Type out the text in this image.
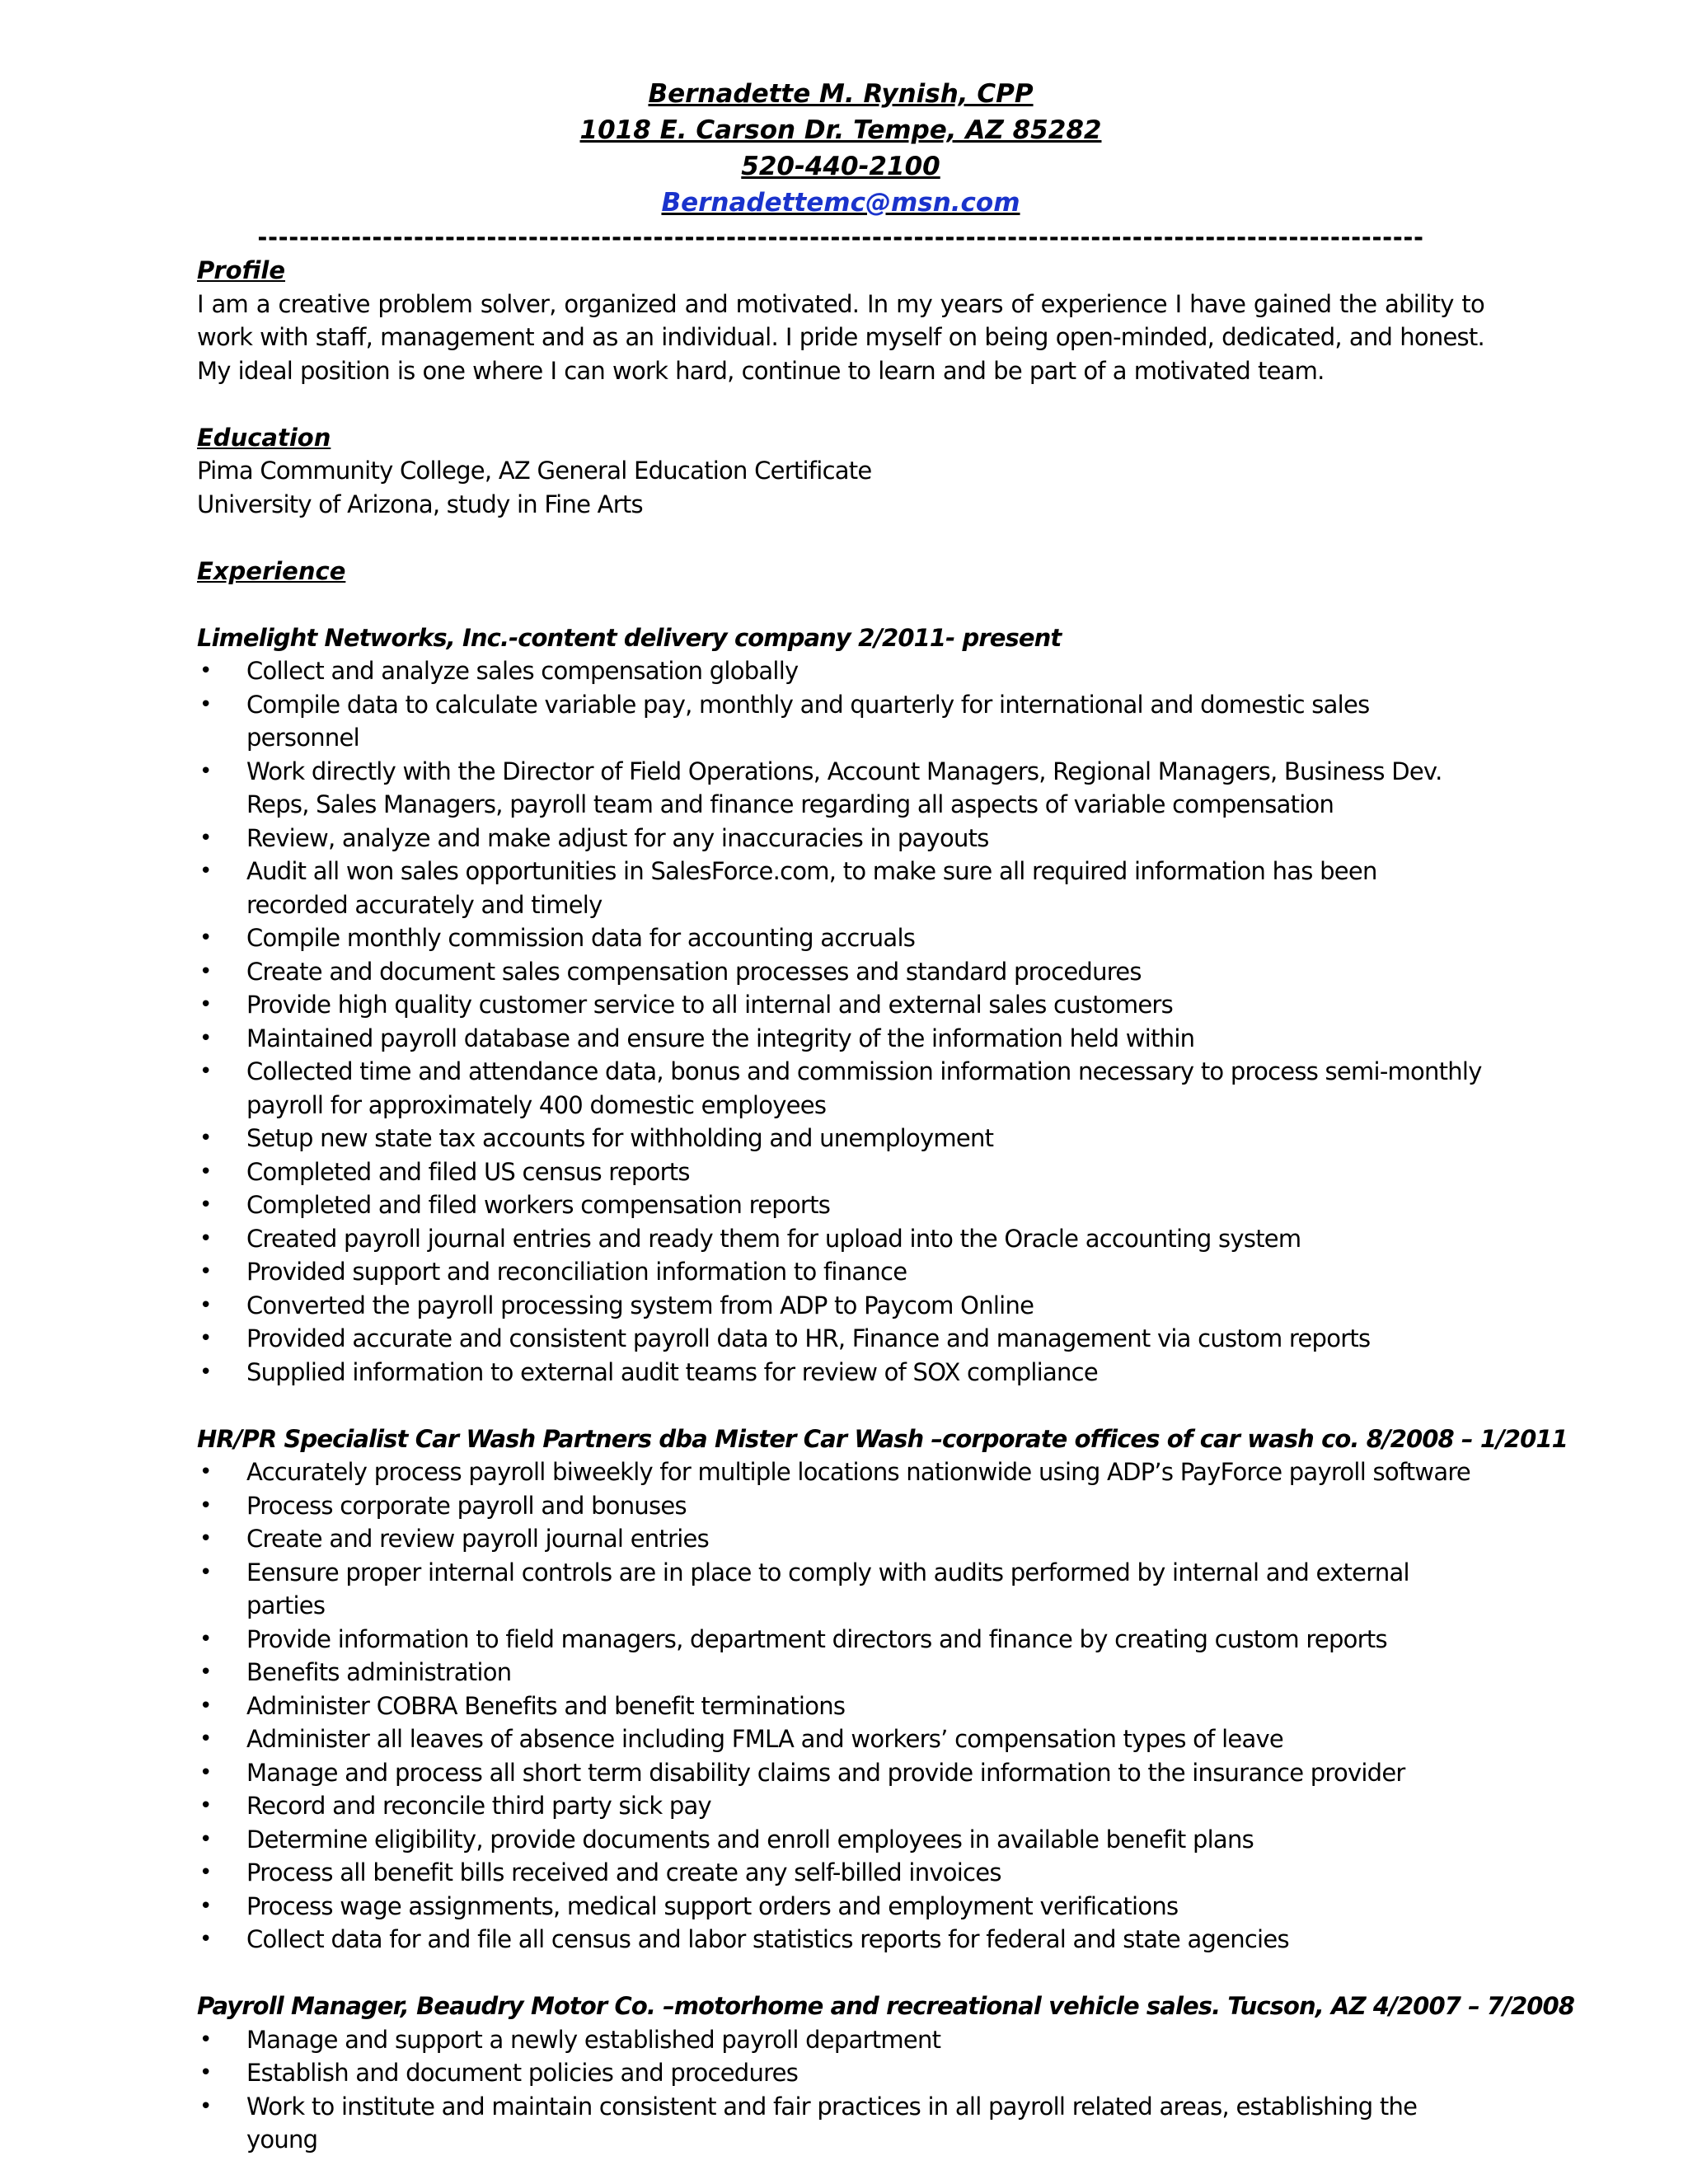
Bernadette M. Rynish, CPP
1018 E. Carson Dr. Tempe, AZ 85282
520-440-2100
Bernadettemc@msn.com
----------------------------------------------------------------------------------------------------------------
Profile
I am a creative problem solver, organized and motivated. In my years of experience I have gained the ability to work with staff, management and as an individual. I pride myself on being open-minded, dedicated, and honest. My ideal position is one where I can work hard, continue to learn and be part of a motivated team.
Education
Pima Community College, AZ General Education Certificate
University of Arizona, study in Fine Arts
Experience
Limelight Networks, Inc.-content delivery company 2/2011- present
• Collect and analyze sales compensation globally
• Compile data to calculate variable pay, monthly and quarterly for international and domestic sales personnel
• Work directly with the Director of Field Operations, Account Managers, Regional Managers, Business Dev. Reps, Sales Managers, payroll team and finance regarding all aspects of variable compensation
• Review, analyze and make adjust for any inaccuracies in payouts
• Audit all won sales opportunities in SalesForce.com, to make sure all required information has been recorded accurately and timely
• Compile monthly commission data for accounting accruals
• Create and document sales compensation processes and standard procedures
• Provide high quality customer service to all internal and external sales customers
• Maintained payroll database and ensure the integrity of the information held within
• Collected time and attendance data, bonus and commission information necessary to process semi-monthly payroll for approximately 400 domestic employees
• Setup new state tax accounts for withholding and unemployment
• Completed and filed US census reports
• Completed and filed workers compensation reports
• Created payroll journal entries and ready them for upload into the Oracle accounting system
• Provided support and reconciliation information to finance
• Converted the payroll processing system from ADP to Paycom Online
• Provided accurate and consistent payroll data to HR, Finance and management via custom reports
• Supplied information to external audit teams for review of SOX compliance
HR/PR Specialist Car Wash Partners dba Mister Car Wash –corporate offices of car wash co. 8/2008 – 1/2011
• Accurately process payroll biweekly for multiple locations nationwide using ADP’s PayForce payroll software
• Process corporate payroll and bonuses
• Create and review payroll journal entries
• Eensure proper internal controls are in place to comply with audits performed by internal and external parties
• Provide information to field managers, department directors and finance by creating custom reports
• Benefits administration
• Administer COBRA Benefits and benefit terminations
• Administer all leaves of absence including FMLA and workers’ compensation types of leave
• Manage and process all short term disability claims and provide information to the insurance provider
• Record and reconcile third party sick pay
• Determine eligibility, provide documents and enroll employees in available benefit plans
• Process all benefit bills received and create any self-billed invoices
• Process wage assignments, medical support orders and employment verifications
• Collect data for and file all census and labor statistics reports for federal and state agencies
Payroll Manager, Beaudry Motor Co. –motorhome and recreational vehicle sales. Tucson, AZ 4/2007 – 7/2008
• Manage and support a newly established payroll department
• Establish and document policies and procedures
• Work to institute and maintain consistent and fair practices in all payroll related areas, establishing the young
